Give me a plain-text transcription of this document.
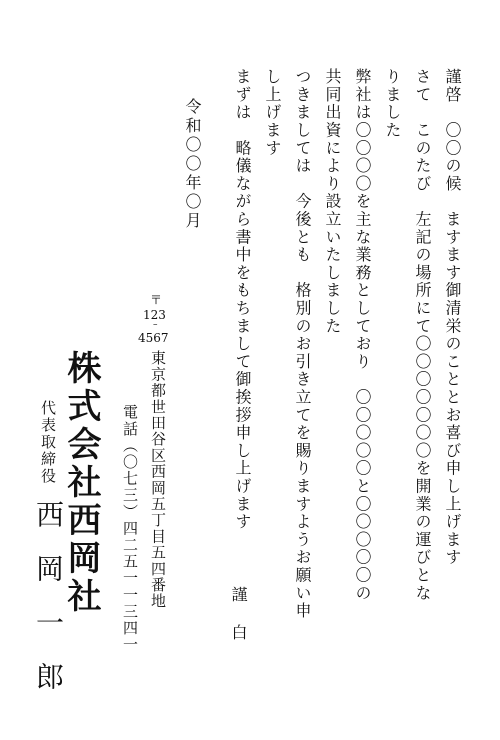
謹啓　〇〇の候　ますます御清栄のこととお喜び申し上げます
さて　このたび　左記の場所にて〇〇〇〇〇〇〇を開業の運びとな
りました
弊社は〇〇〇〇を主な業務としており　〇〇〇〇〇と〇〇〇〇〇の
共同出資により設立いたしました
つきましては　今後とも　格別のお引き立てを賜りますようお願い申
し上げます
まずは　略儀ながら書中をもちまして御挨拶申し上げます
謹
白
令和〇〇年〇月
〒
123
–
4567
東京都世田谷区西岡五丁目五四番地
電話（〇七三）四二五一一三四一
株式会社西岡社
代表取締役
西岡一郎
